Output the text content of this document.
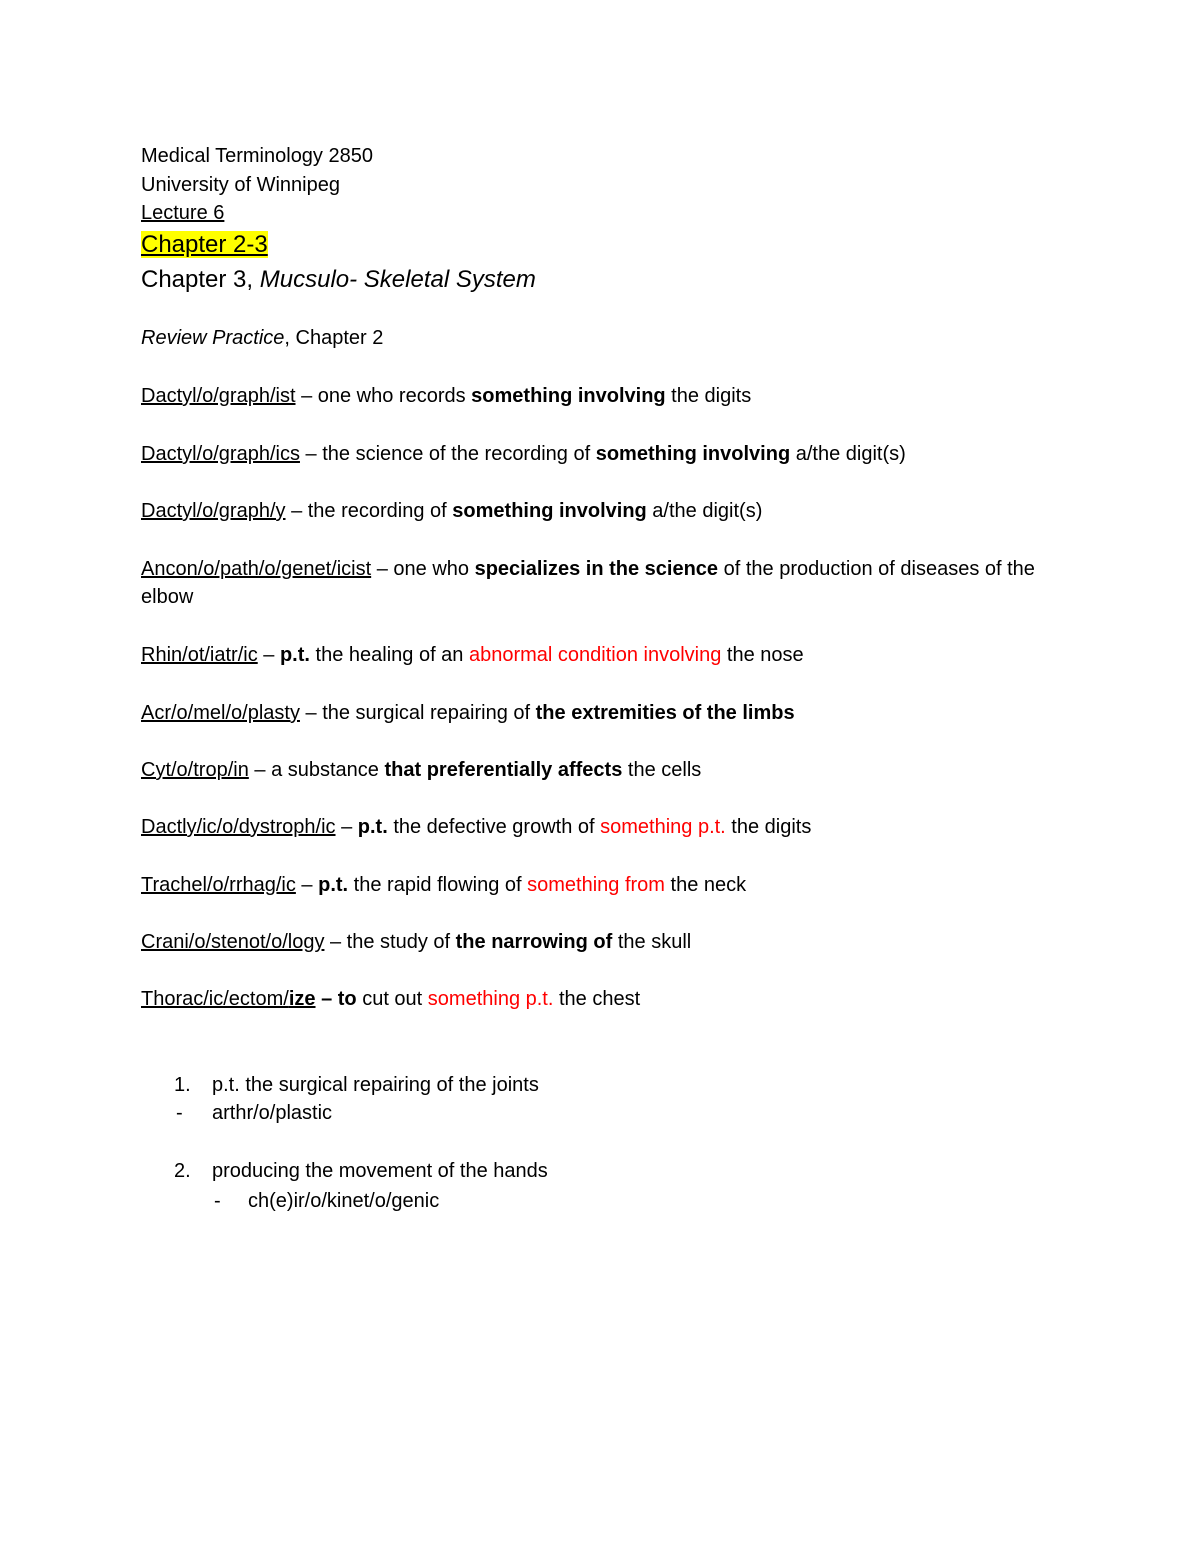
Medical Terminology 2850
University of Winnipeg
Lecture 6
Chapter 2-3
Chapter 3, Mucsulo- Skeletal System
Review Practice, Chapter 2
Dactyl/o/graph/ist – one who records something involving the digits
Dactyl/o/graph/ics – the science of the recording of something involving a/the digit(s)
Dactyl/o/graph/y – the recording of something involving a/the digit(s)
Ancon/o/path/o/genet/icist – one who specializes in the science of the production of diseases of the elbow
Rhin/ot/iatr/ic – p.t. the healing of an abnormal condition involving the nose
Acr/o/mel/o/plasty – the surgical repairing of the extremities of the limbs
Cyt/o/trop/in – a substance that preferentially affects the cells
Dactly/ic/o/dystroph/ic – p.t. the defective growth of something p.t. the digits
Trachel/o/rrhag/ic – p.t. the rapid flowing of something from the neck
Crani/o/stenot/o/logy – the study of the narrowing of the skull
Thorac/ic/ectom/ize – to cut out something p.t. the chest
1. p.t. the surgical repairing of the joints
- arthr/o/plastic
2. producing the movement of the hands
- ch(e)ir/o/kinet/o/genic
